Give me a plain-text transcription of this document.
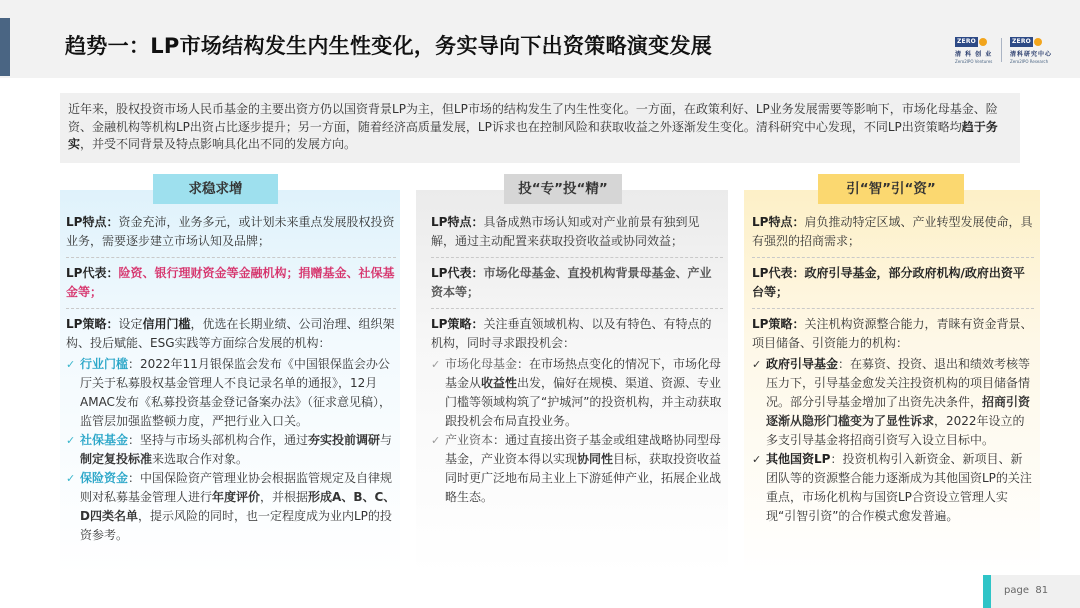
趋势一：LP市场结构发生内生性变化，务实导向下出资策略演变发展	ZERO
清 科 创 业
Zero2IPO Ventures
ZERO
清科研究中心
Zero2IPO Research
近年来，股权投资市场人民币基金的主要出资方仍以国资背景LP为主，但LP市场的结构发生了内生性变化。一方面，在政策利好、LP业务发展需要等影响下，市场化母基金、险资、金融机构等机构LP出资占比逐步提升；另一方面，随着经济高质量发展，LP诉求也在控制风险和获取收益之外逐渐发生变化。清科研究中心发现，不同LP出资策略均趋于务实，并受不同背景及特点影响具化出不同的发展方向。
求稳求增	投“专”投“精”	引“智”引“资”
LP特点：资金充沛，业务多元，或计划未来重点发展股权投资业务，需要逐步建立市场认知及品牌；
LP代表：险资、银行理财资金等金融机构；捐赠基金、社保基金等；
LP策略：设定信用门槛，优选在长期业绩、公司治理、组织架构、投后赋能、ESG实践等方面综合发展的机构：
✓ 行业门槛：2022年11月银保监会发布《中国银保监会办公厅关于私募股权基金管理人不良记录名单的通报》，12月AMAC发布《私募投资基金登记备案办法》（征求意见稿），监管层加强监整顿力度，严把行业入口关。
✓ 社保基金：坚持与市场头部机构合作，通过夯实投前调研与制定复投标准来选取合作对象。
✓ 保险资金：中国保险资产管理业协会根据监管规定及自律规则对私募基金管理人进行年度评价，并根据形成A、B、C、D四类名单，提示风险的同时，也一定程度成为业内LP的投资参考。
LP特点：具备成熟市场认知或对产业前景有独到见解，通过主动配置来获取投资收益或协同效益；
LP代表：市场化母基金、直投机构背景母基金、产业资本等；
LP策略：关注垂直领域机构、以及有特色、有特点的机构，同时寻求跟投机会：
✓ 市场化母基金：在市场热点变化的情况下，市场化母基金从收益性出发，偏好在规模、渠道、资源、专业门槛等领域构筑了“护城河”的投资机构，并主动获取跟投机会布局直投业务。
✓ 产业资本：通过直接出资子基金或组建战略协同型母基金，产业资本得以实现协同性目标，获取投资收益同时更广泛地布局主业上下游延伸产业，拓展企业战略生态。
LP特点：肩负推动特定区域、产业转型发展使命，具有强烈的招商需求；
LP代表：政府引导基金，部分政府机构/政府出资平台等；
LP策略：关注机构资源整合能力，青睐有资金背景、项目储备、引资能力的机构：
✓ 政府引导基金：在募资、投资、退出和绩效考核等压力下，引导基金愈发关注投资机构的项目储备情况。部分引导基金增加了出资先决条件，招商引资逐渐从隐形门槛变为了显性诉求，2022年设立的多支引导基金将招商引资写入设立目标中。
✓ 其他国资LP：投资机构引入新资金、新项目、新团队等的资源整合能力逐渐成为其他国资LP的关注重点，市场化机构与国资LP合资设立管理人实现“引智引资”的合作模式愈发普遍。
page 81
